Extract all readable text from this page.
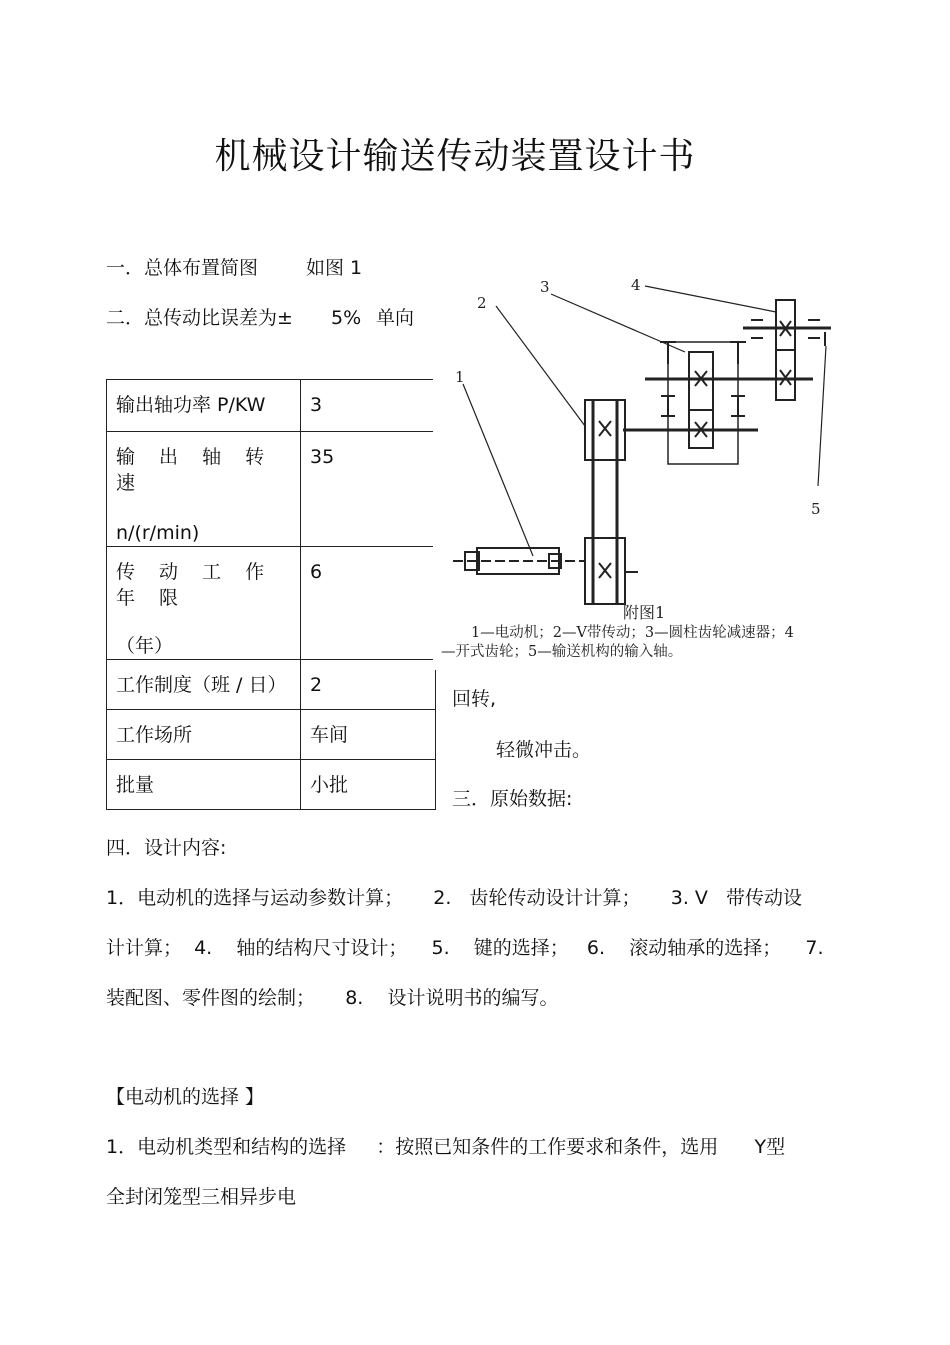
机械设计输送传动装置设计书
一．总体布置简图	如图 1
二．总传动比误差为± 5% 单向
输出轴功率 P/KW	3

输 出 轴 转 速
n/(r/min)	35

传 动 工 作 年 限
（年）	6
工作制度（班 / 日）	2
工作场所	车间
批量	小批
1
2
3	4
5
附图1
1—电动机；2—V带传动；3—圆柱齿轮减速器；4
—开式齿轮；5—输送机构的输入轴。
回转,
轻微冲击。
三．原始数据:
四．设计内容:
1．电动机的选择与运动参数计算；     2.   齿轮传动设计计算；     3. V   带传动设
计计算；  4.    轴的结构尺寸设计；    5.    键的选择；   6.    滚动轴承的选择；    7.
装配图、零件图的绘制；     8.    设计说明书的编写。
【电动机的选择 】
1．电动机类型和结构的选择     ：按照已知条件的工作要求和条件，选用      Y型
全封闭笼型三相异步电
